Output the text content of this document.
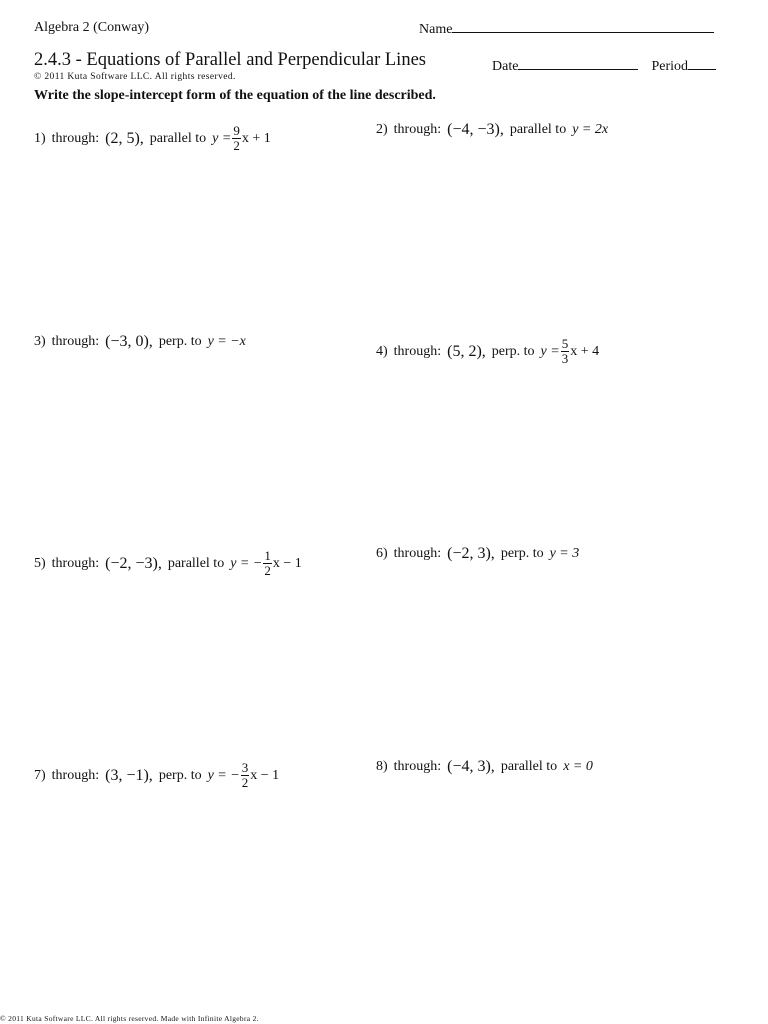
Algebra 2 (Conway)	Name
2.4.3 - Equations of Parallel and Perpendicular Lines	Date	Period
© 2011 Kuta Software LLC. All rights reserved.
Write the slope-intercept form of the equation of the line described.
1) through: (2, 5), parallel to $y = \frac{9}{2}$ x + 1
2) through: (−4, −3), parallel to y = 2x
3) through: (−3, 0), perp. to y = −x
4) through: (5, 2), perp. to $y = \frac{5}{3}$ x + 4
5) through: (−2, −3), parallel to y = − $\frac{1}{2}$ x − 1
6) through: (−2, 3), perp. to y = 3
7) through: (3, −1), perp. to y = − $\frac{3}{2}$ x − 1
8) through: (−4, 3), parallel to x = 0
© 2011 Kuta Software LLC. All rights reserved. Made with Infinite Algebra 2.
